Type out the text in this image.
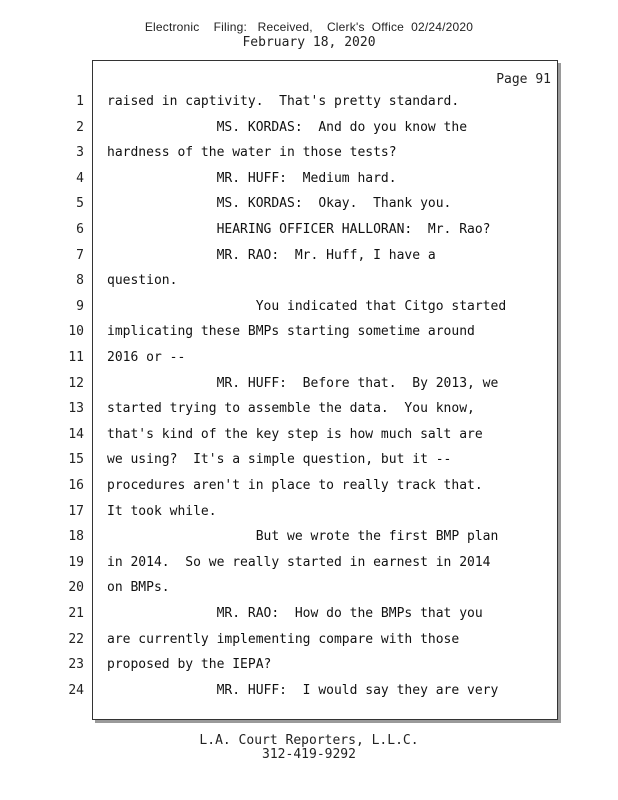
Electronic    Filing:   Received,    Clerk's  Office  02/24/2020
February 18, 2020
Page 91
1 raised in captivity.  That's pretty standard.
2 MS. KORDAS:  And do you know the
3 hardness of the water in those tests?
4 MR. HUFF:  Medium hard.
5 MS. KORDAS:  Okay.  Thank you.
6 HEARING OFFICER HALLORAN:  Mr. Rao?
7 MR. RAO:  Mr. Huff, I have a
8 question.
9 You indicated that Citgo started
10 implicating these BMPs starting sometime around
11 2016 or --
12 MR. HUFF:  Before that.  By 2013, we
13 started trying to assemble the data.  You know,
14 that's kind of the key step is how much salt are
15 we using?  It's a simple question, but it --
16 procedures aren't in place to really track that.
17 It took while.
18 But we wrote the first BMP plan
19 in 2014.  So we really started in earnest in 2014
20 on BMPs.
21 MR. RAO:  How do the BMPs that you
22 are currently implementing compare with those
23 proposed by the IEPA?
24 MR. HUFF:  I would say they are very
L.A. Court Reporters, L.L.C.
312-419-9292
